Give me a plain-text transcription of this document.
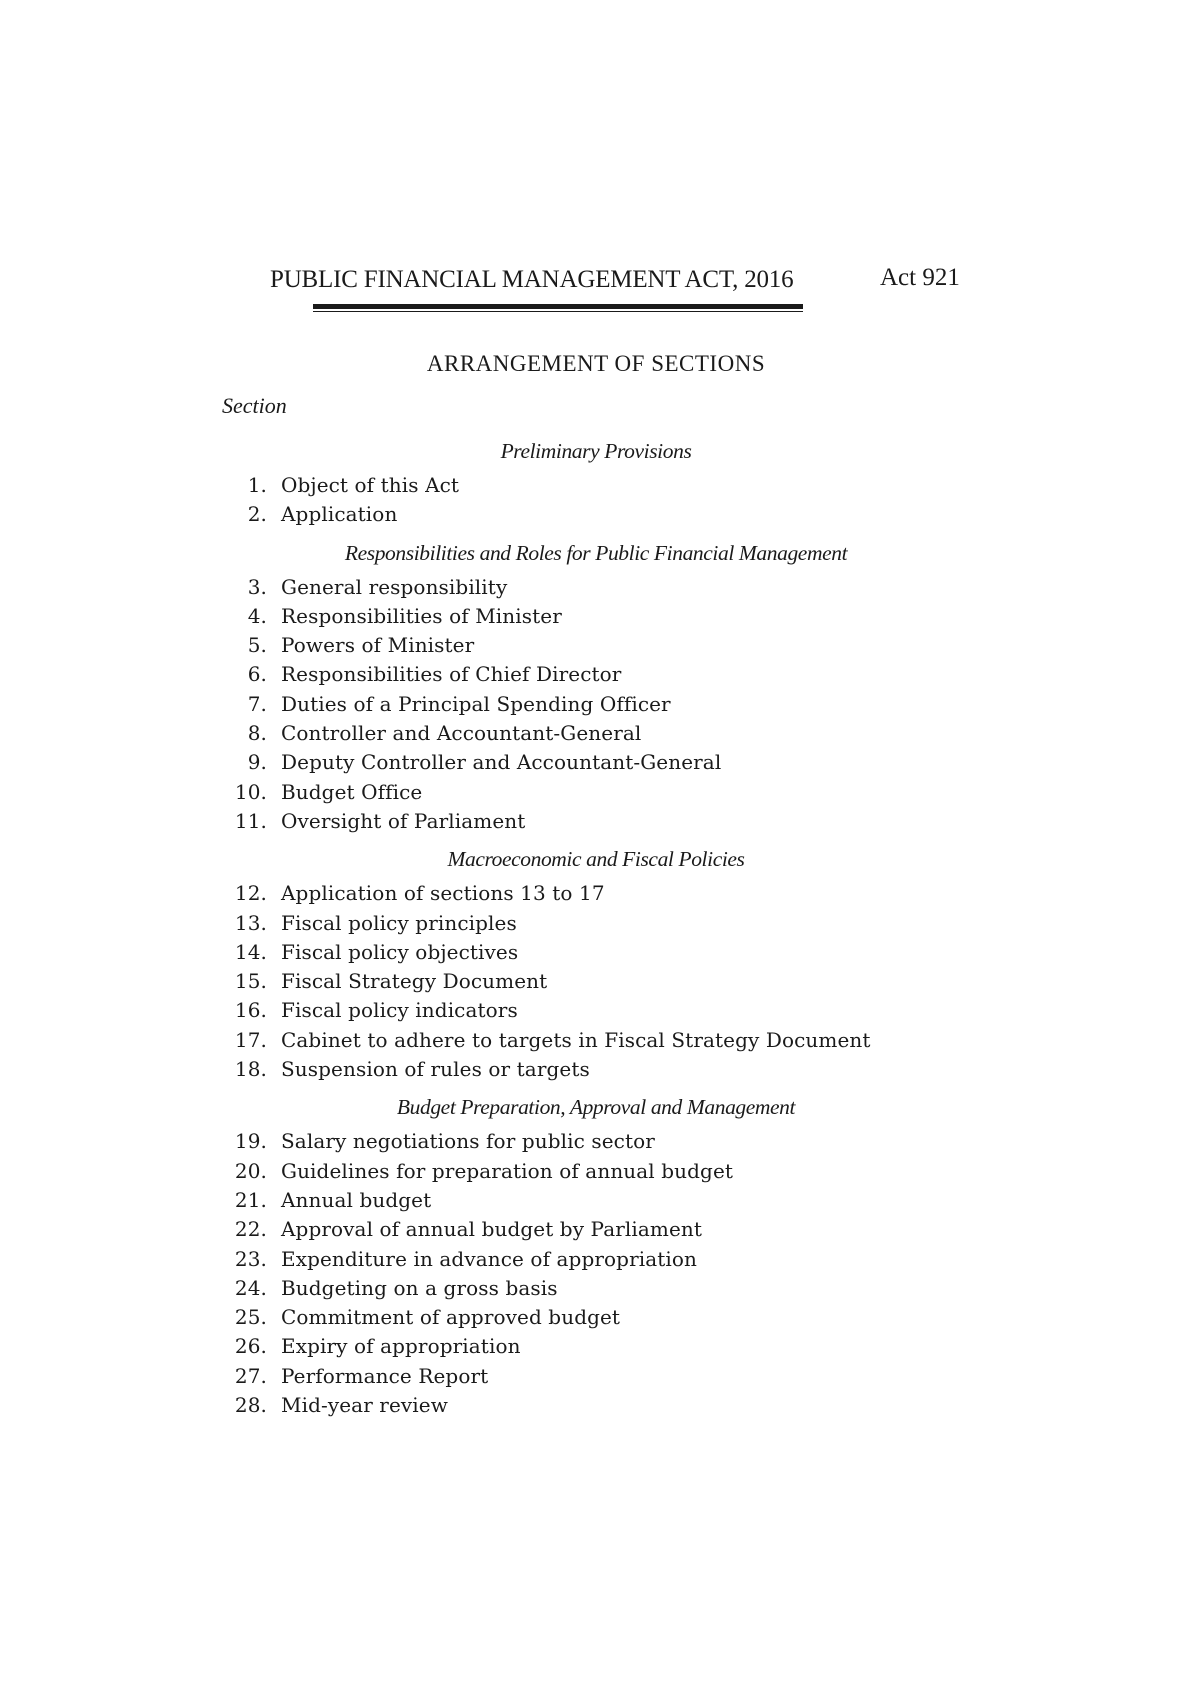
PUBLIC FINANCIAL MANAGEMENT ACT, 2016	Act 921
ARRANGEMENT OF SECTIONS
Section
Preliminary Provisions
1. Object of this Act
2. Application
Responsibilities and Roles for Public Financial Management
3. General responsibility
4. Responsibilities of Minister
5. Powers of Minister
6. Responsibilities of Chief Director
7. Duties of a Principal Spending Officer
8. Controller and Accountant-General
9. Deputy Controller and Accountant-General
10. Budget Office
11. Oversight of Parliament
Macroeconomic and Fiscal Policies
12. Application of sections 13 to 17
13. Fiscal policy principles
14. Fiscal policy objectives
15. Fiscal Strategy Document
16. Fiscal policy indicators
17. Cabinet to adhere to targets in Fiscal Strategy Document
18. Suspension of rules or targets
Budget Preparation, Approval and Management
19. Salary negotiations for public sector
20. Guidelines for preparation of annual budget
21. Annual budget
22. Approval of annual budget by Parliament
23. Expenditure in advance of appropriation
24. Budgeting on a gross basis
25. Commitment of approved budget
26. Expiry of appropriation
27. Performance Report
28. Mid-year review
